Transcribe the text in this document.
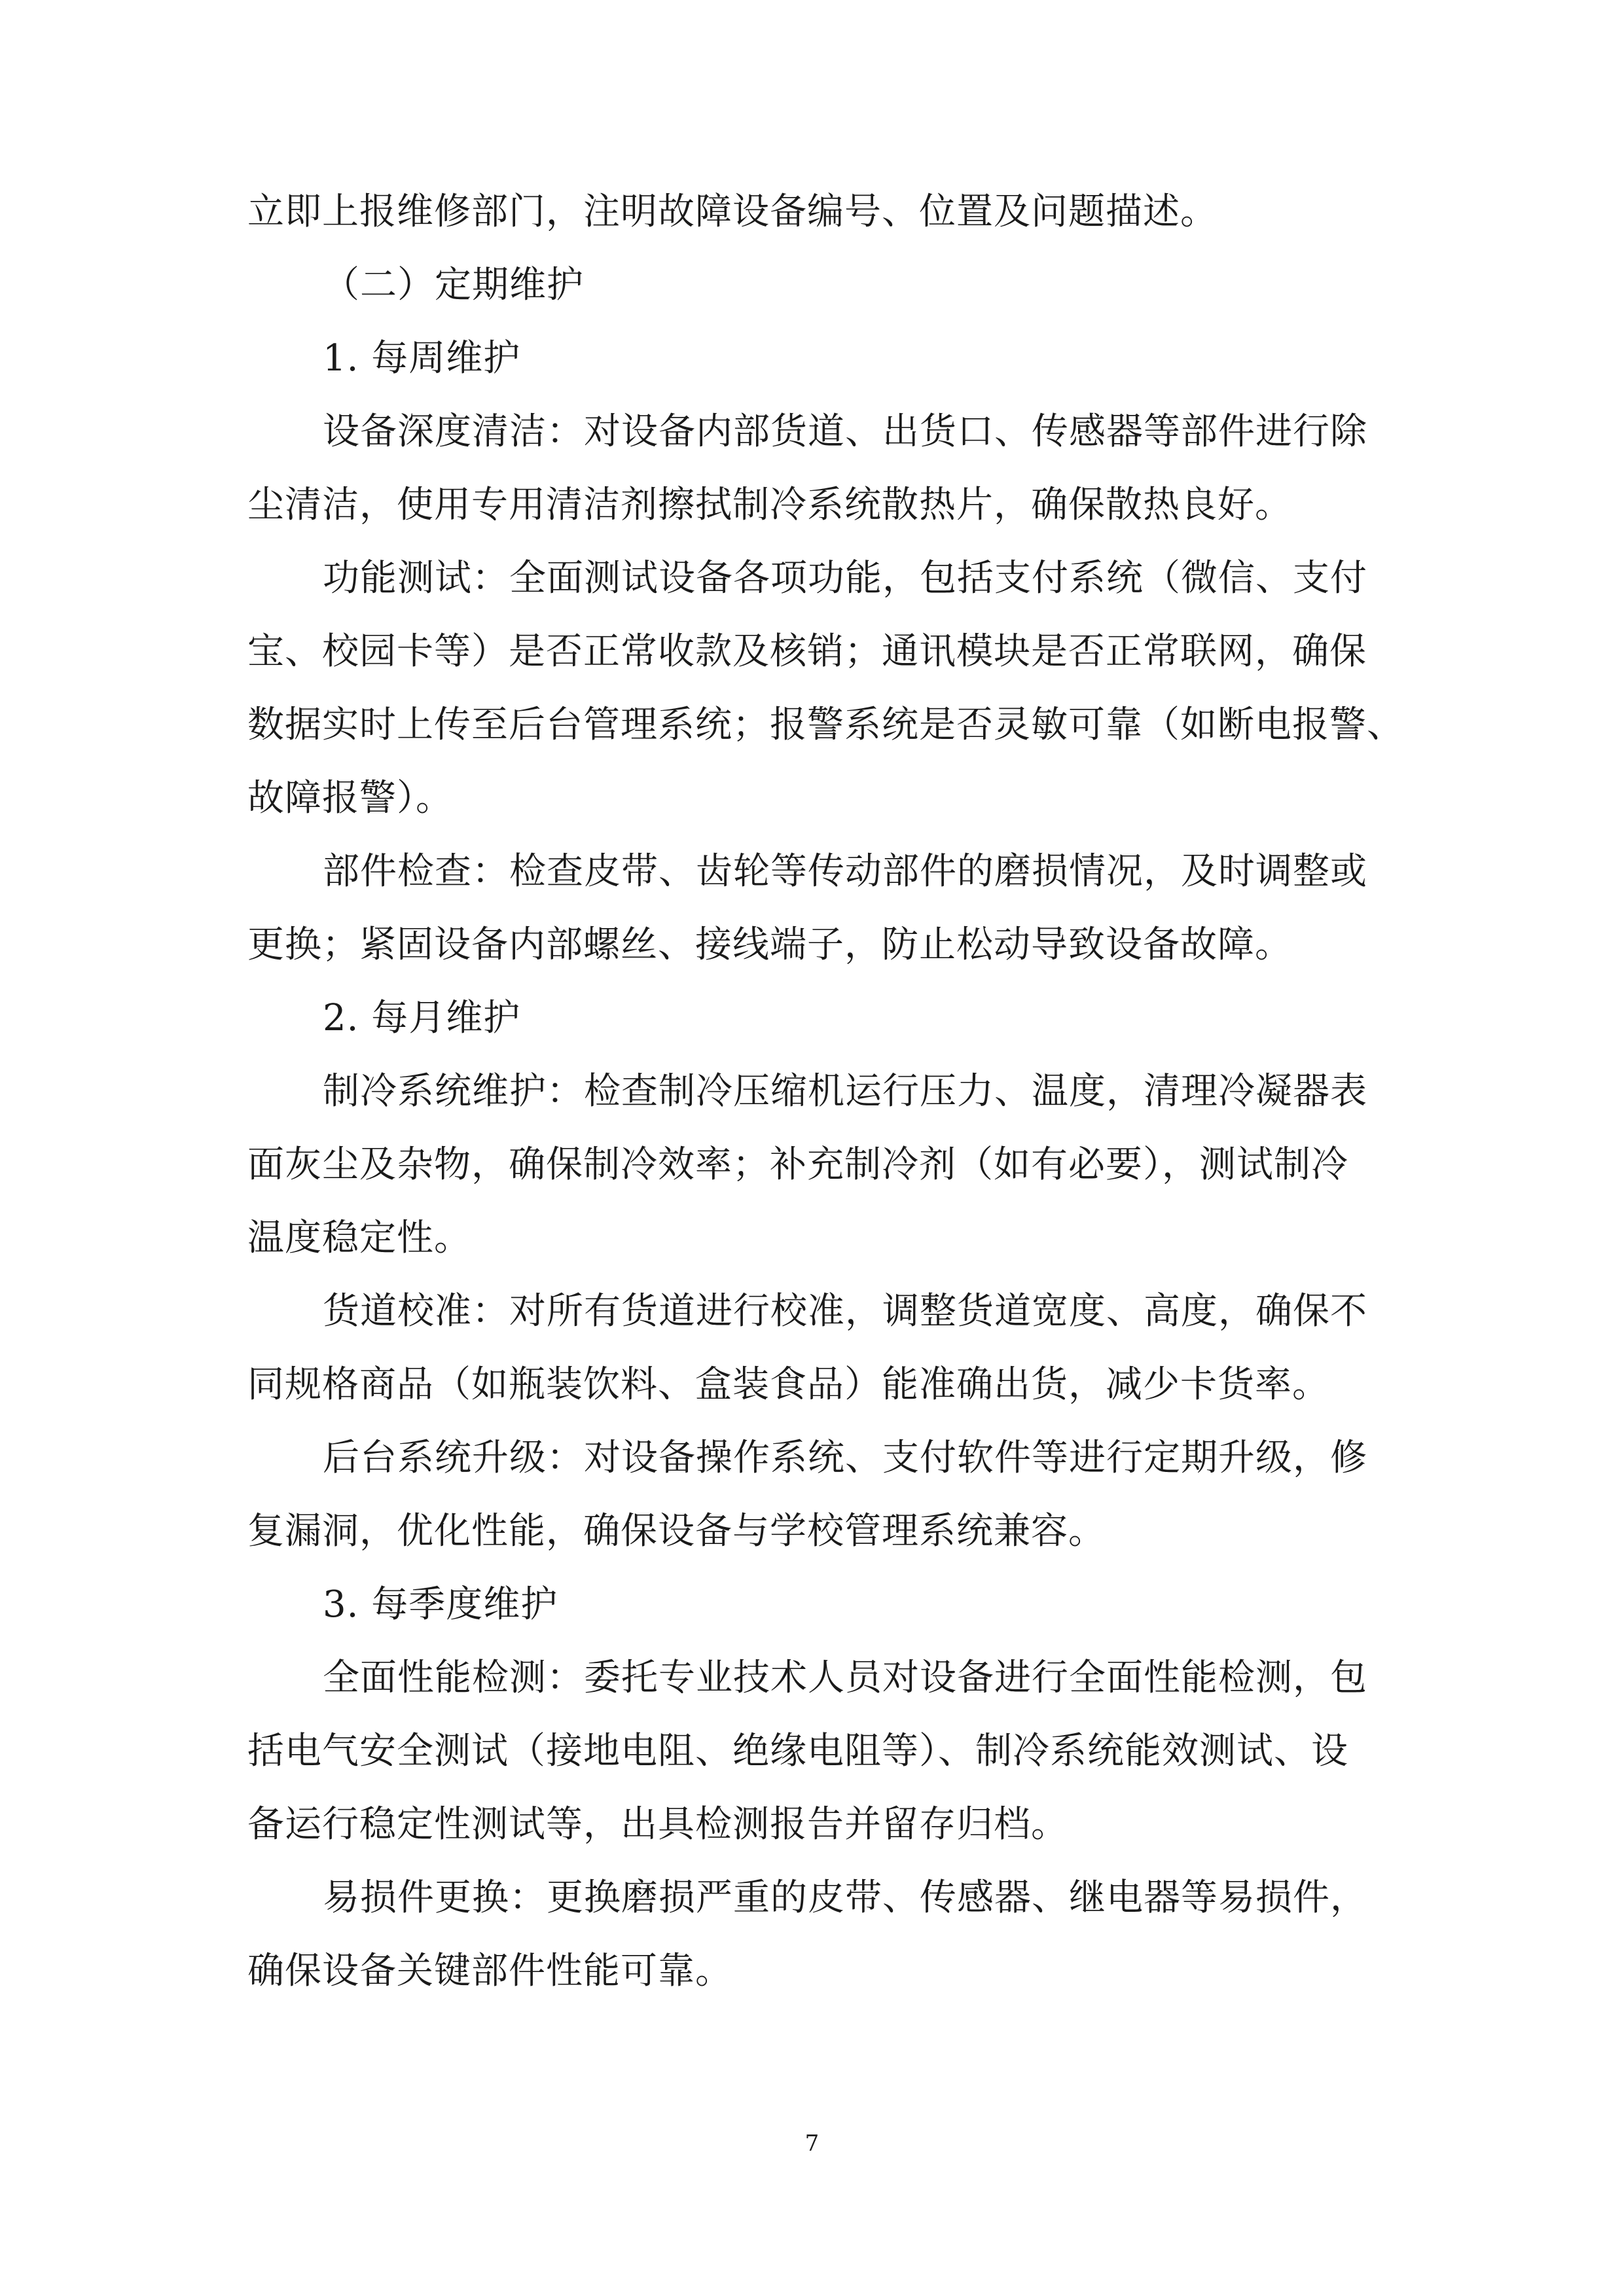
立即上报维修部门，注明故障设备编号、位置及问题描述。
（二）定期维护
1. 每周维护
设备深度清洁：对设备内部货道、出货口、传感器等部件进行除
尘清洁，使用专用清洁剂擦拭制冷系统散热片，确保散热良好。
功能测试：全面测试设备各项功能，包括支付系统（微信、支付
宝、校园卡等）是否正常收款及核销；通讯模块是否正常联网，确保
数据实时上传至后台管理系统；报警系统是否灵敏可靠（如断电报警、
故障报警）。
部件检查：检查皮带、齿轮等传动部件的磨损情况，及时调整或
更换；紧固设备内部螺丝、接线端子，防止松动导致设备故障。
2. 每月维护
制冷系统维护：检查制冷压缩机运行压力、温度，清理冷凝器表
面灰尘及杂物，确保制冷效率；补充制冷剂（如有必要），测试制冷
温度稳定性。
货道校准：对所有货道进行校准，调整货道宽度、高度，确保不
同规格商品（如瓶装饮料、盒装食品）能准确出货，减少卡货率。
后台系统升级：对设备操作系统、支付软件等进行定期升级，修
复漏洞，优化性能，确保设备与学校管理系统兼容。
3. 每季度维护
全面性能检测：委托专业技术人员对设备进行全面性能检测，包
括电气安全测试（接地电阻、绝缘电阻等）、制冷系统能效测试、设
备运行稳定性测试等，出具检测报告并留存归档。
易损件更换：更换磨损严重的皮带、传感器、继电器等易损件，
确保设备关键部件性能可靠。
7
